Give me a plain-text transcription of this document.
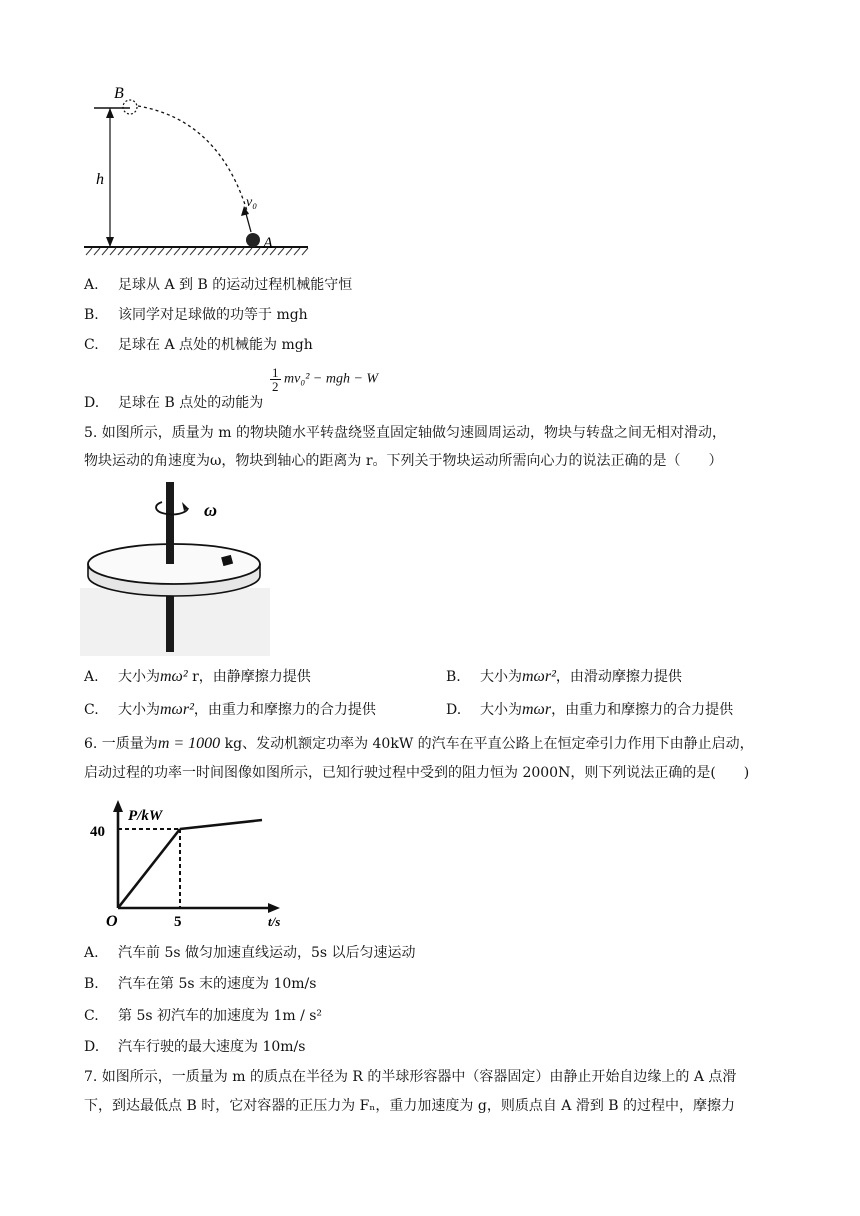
B
h
v₀
A
A. 足球从 A 到 B 的运动过程机械能守恒
B. 该同学对足球做的功等于 mgh
C. 足球在 A 点处的机械能为 mgh
D. 足球在 B 点处的动能为
$\frac{1}{2} mv_0^2$ − mgh − W
5. 如图所示，质量为 m 的物块随水平转盘绕竖直固定轴做匀速圆周运动，物块与转盘之间无相对滑动，
物块运动的角速度为ω，物块到轴心的距离为 r。下列关于物块运动所需向心力的说法正确的是（　　）
ω
A. 大小为mω² r，由静摩擦力提供	B. 大小为mωr²，由滑动摩擦力提供
C. 大小为mωr²，由重力和摩擦力的合力提供	D. 大小为mωr，由重力和摩擦力的合力提供
6. 一质量为m = 1000 kg、发动机额定功率为 40kW 的汽车在平直公路上在恒定牵引力作用下由静止启动，
启动过程的功率一时间图像如图所示，已知行驶过程中受到的阻力恒为 2000N，则下列说法正确的是(　　)
P/kW
40
5
O	t/s
A. 汽车前 5s 做匀加速直线运动，5s 以后匀速运动
B. 汽车在第 5s 末的速度为 10m/s
C. 第 5s 初汽车的加速度为 1m / s²
D. 汽车行驶的最大速度为 10m/s
7. 如图所示，一质量为 m 的质点在半径为 R 的半球形容器中（容器固定）由静止开始自边缘上的 A 点滑
下，到达最低点 B 时，它对容器的正压力为 Fₙ，重力加速度为 g，则质点自 A 滑到 B 的过程中，摩擦力
